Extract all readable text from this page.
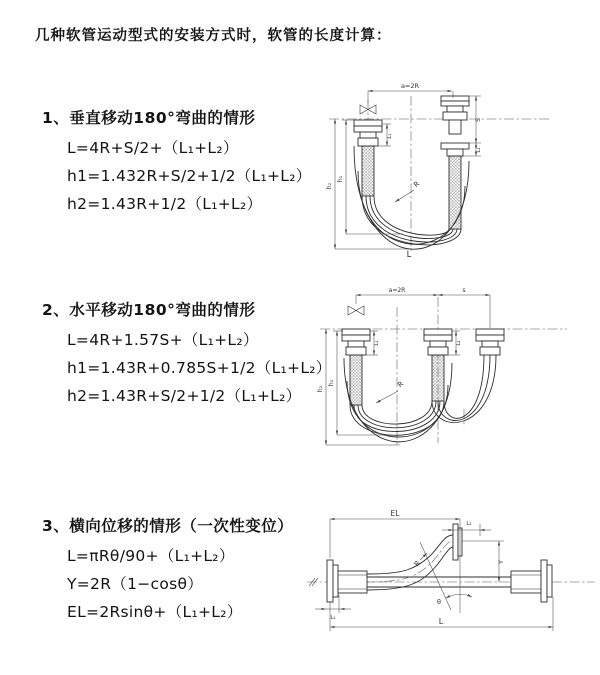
几种软管运动型式的安装方式时，软管的长度计算：
1、垂直移动180°弯曲的情形
L=4R+S/2+（L₁+L₂）
h1=1.432R+S/2+1/2（L₁+L₂）
h2=1.43R+1/2（L₁+L₂）
2、水平移动180°弯曲的情形
L=4R+1.57S+（L₁+L₂）
h1=1.43R+0.785S+1/2（L₁+L₂）
h2=1.43R+S/2+1/2（L₁+L₂）
3、横向位移的情形（一次性变位）
L=πRθ/90+（L₁+L₂）
Y=2R（1−cosθ）
EL=2Rsinθ+（L₁+L₂）
a=2R
S
L₂
L₁
h₂
h₁
R
L
a=2R	s
L₁	L₂
h₂
h₁	R
EL
L₂
Y
θ
R
L₁	L
